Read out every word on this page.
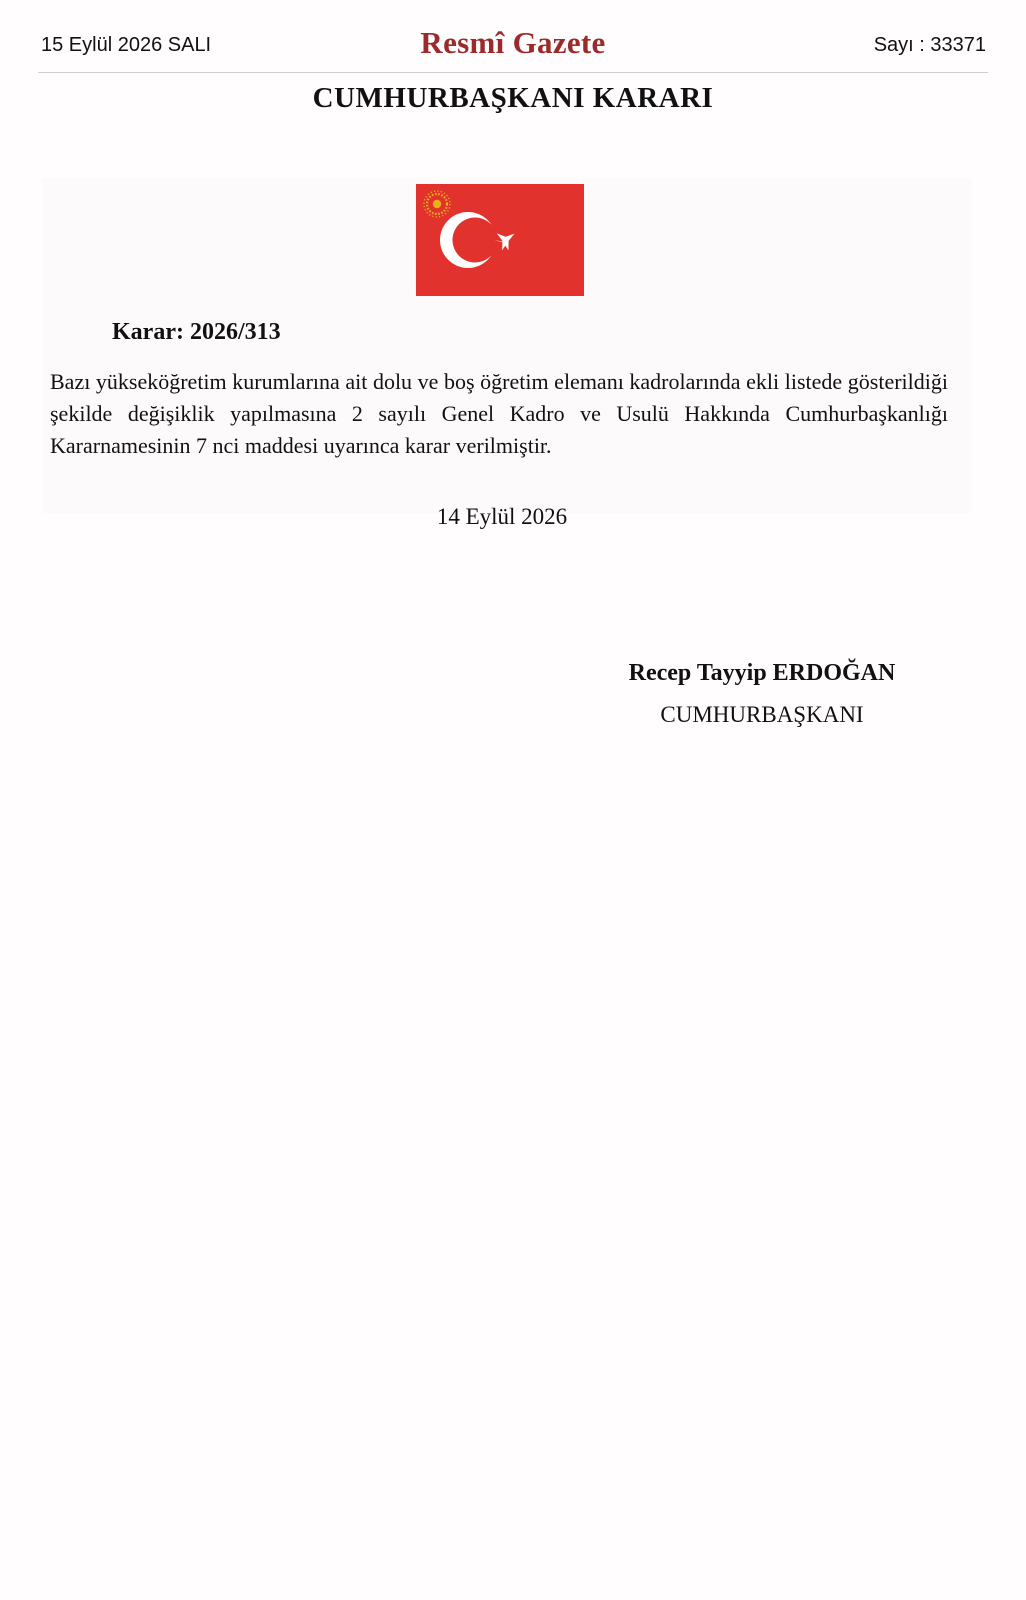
15 Eylül 2026 SALI	Resmî Gazete	Sayı : 33371
CUMHURBAŞKANI KARARI
Karar: 2026/313
Bazı yükseköğretim kurumlarına ait dolu ve boş öğretim elemanı kadrolarında ekli listede gösterildiği şekilde değişiklik yapılmasına 2 sayılı Genel Kadro ve Usulü Hakkında Cumhurbaşkanlığı Kararnamesinin 7 nci maddesi uyarınca karar verilmiştir.
14 Eylül 2026
Recep Tayyip ERDOĞAN
CUMHURBAŞKANI
